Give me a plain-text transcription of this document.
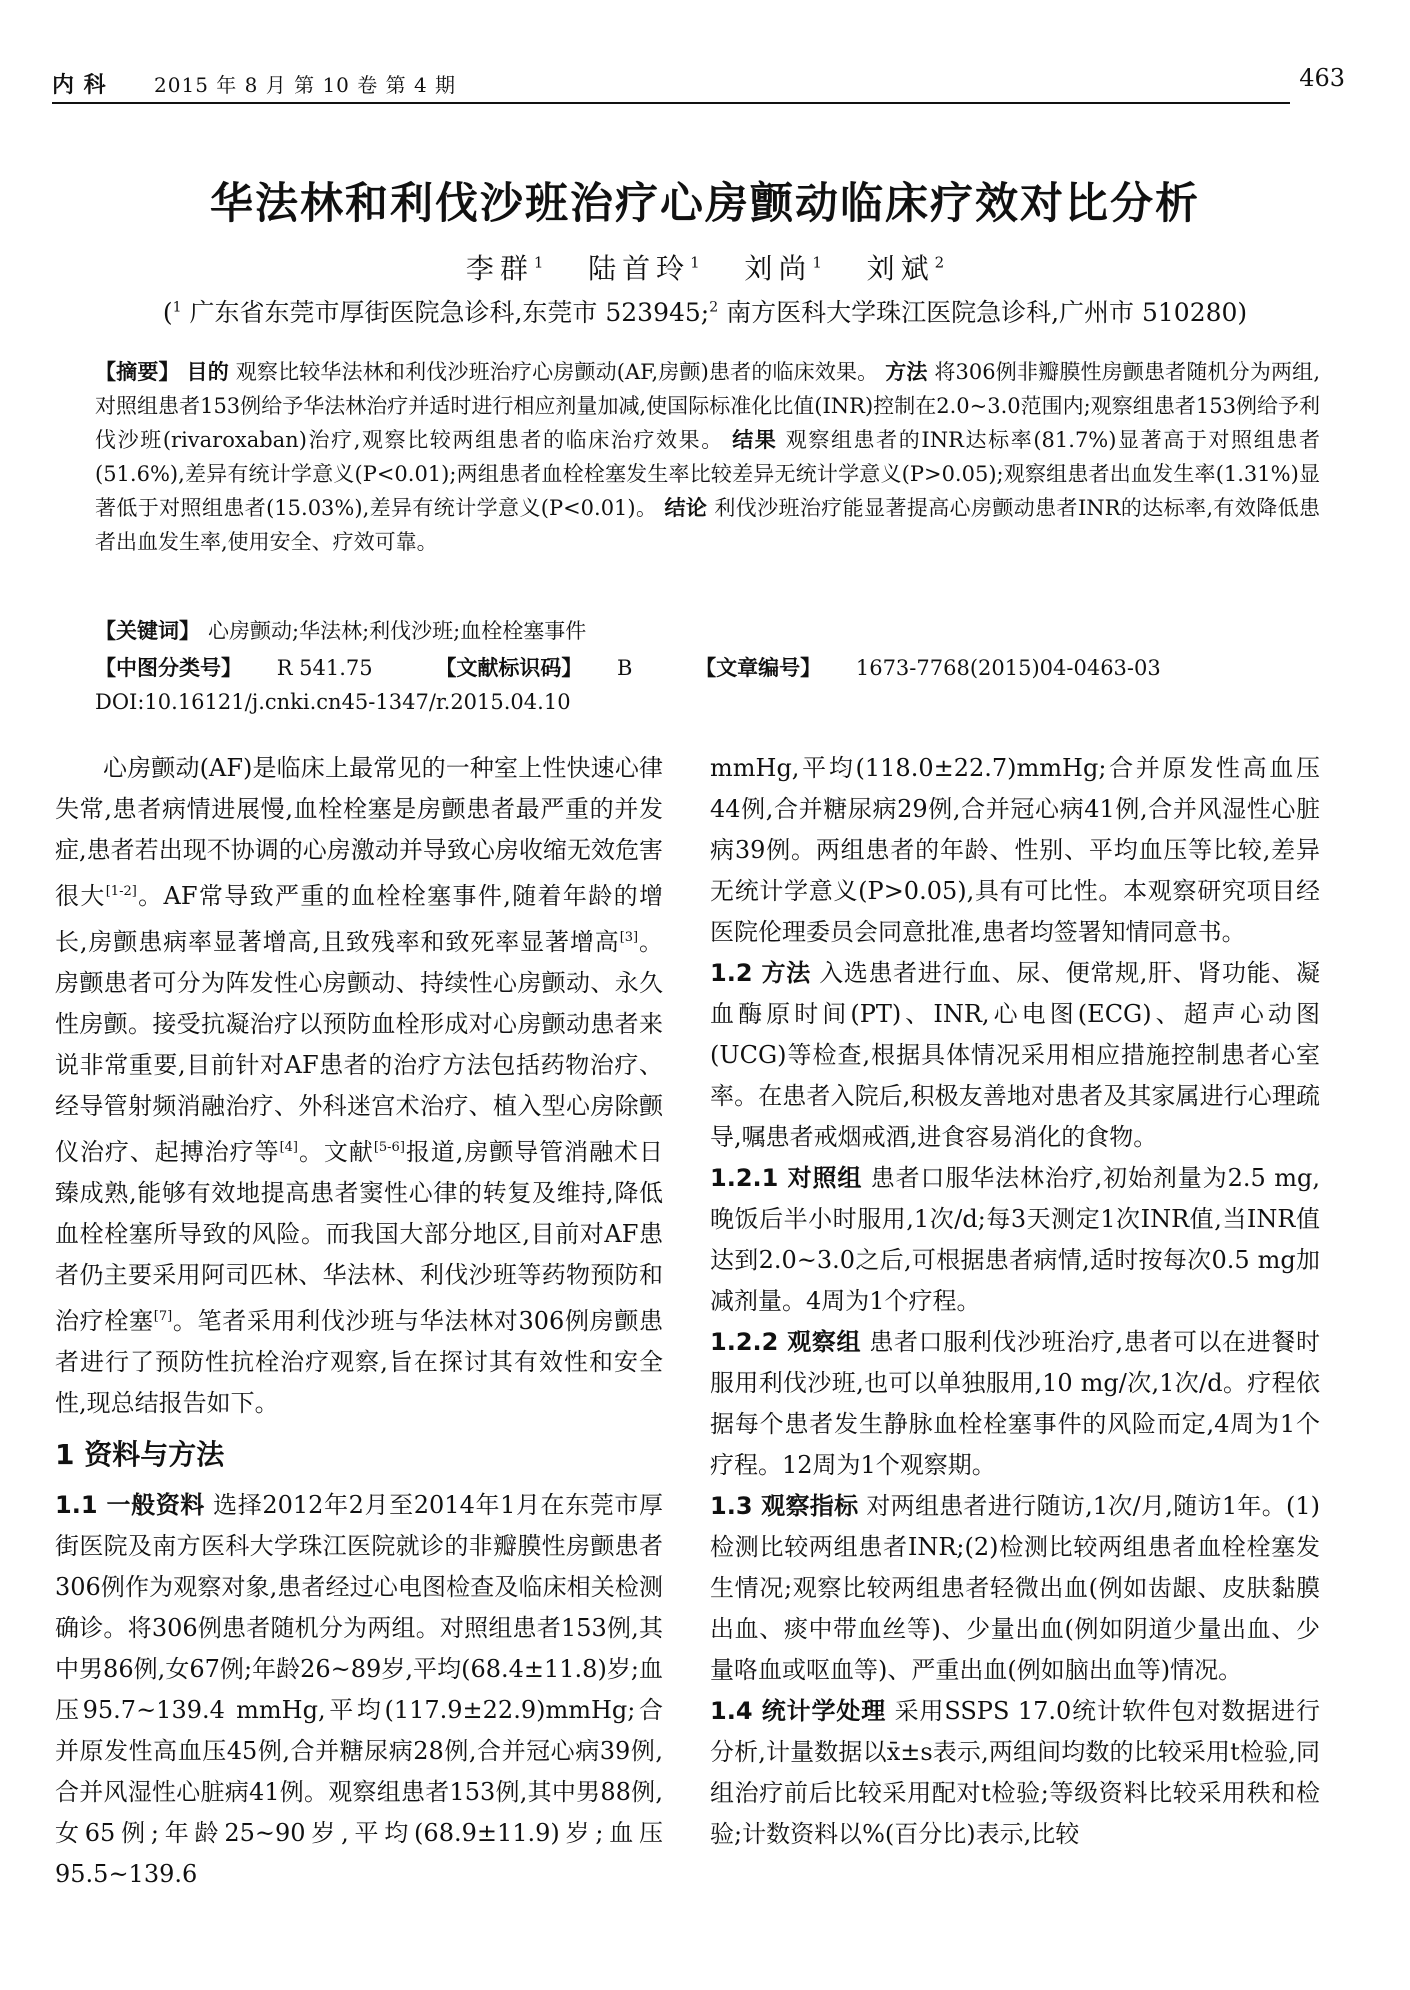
内 科 2015 年 8 月 第 10 卷 第 4 期	463
华法林和利伐沙班治疗心房颤动临床疗效对比分析
李群$^1$ 陆首玲$^1$ 刘尚$^1$ 刘斌$^2$
($^1$ 广东省东莞市厚街医院急诊科,东莞市 523945;$^2$ 南方医科大学珠江医院急诊科,广州市 510280)
【摘要】 目的 观察比较华法林和利伐沙班治疗心房颤动(AF,房颤)患者的临床效果。 方法 将306例非瓣膜性房颤患者随机分为两组,对照组患者153例给予华法林治疗并适时进行相应剂量加减,使国际标准化比值(INR)控制在2.0~3.0范围内;观察组患者153例给予利伐沙班(rivaroxaban)治疗,观察比较两组患者的临床治疗效果。 结果 观察组患者的INR达标率(81.7%)显著高于对照组患者(51.6%),差异有统计学意义(P<0.01);两组患者血栓栓塞发生率比较差异无统计学意义(P>0.05);观察组患者出血发生率(1.31%)显著低于对照组患者(15.03%),差异有统计学意义(P<0.01)。 结论 利伐沙班治疗能显著提高心房颤动患者INR的达标率,有效降低患者出血发生率,使用安全、疗效可靠。
【关键词】 心房颤动;华法林;利伐沙班;血栓栓塞事件
【中图分类号】 R 541.75	【文献标识码】 B	【文章编号】 1673-7768(2015)04-0463-03
DOI:10.16121/j.cnki.cn45-1347/r.2015.04.10

心房颤动(AF)是临床上最常见的一种室上性快速心律失常,患者病情进展慢,血栓栓塞是房颤患者最严重的并发症,患者若出现不协调的心房激动并导致心房收缩无效危害很大[1-2]。AF常导致严重的血栓栓塞事件,随着年龄的增长,房颤患病率显著增高,且致残率和致死率显著增高[3]。房颤患者可分为阵发性心房颤动、持续性心房颤动、永久性房颤。接受抗凝治疗以预防血栓形成对心房颤动患者来说非常重要,目前针对AF患者的治疗方法包括药物治疗、经导管射频消融治疗、外科迷宫术治疗、植入型心房除颤仪治疗、起搏治疗等[4]。文献[5-6]报道,房颤导管消融术日臻成熟,能够有效地提高患者窦性心律的转复及维持,降低血栓栓塞所导致的风险。而我国大部分地区,目前对AF患者仍主要采用阿司匹林、华法林、利伐沙班等药物预防和治疗栓塞[7]。笔者采用利伐沙班与华法林对306例房颤患者进行了预防性抗栓治疗观察,旨在探讨其有效性和安全性,现总结报告如下。

1 资料与方法

1.1 一般资料 选择2012年2月至2014年1月在东莞市厚街医院及南方医科大学珠江医院就诊的非瓣膜性房颤患者306例作为观察对象,患者经过心电图检查及临床相关检测确诊。将306例患者随机分为两组。对照组患者153例,其中男86例,女67例;年龄26~89岁,平均(68.4±11.8)岁;血压95.7~139.4 mmHg,平均(117.9±22.9)mmHg;合并原发性高血压45例,合并糖尿病28例,合并冠心病39例,合并风湿性心脏病41例。观察组患者153例,其中男88例,女65例;年龄25~90岁,平均(68.9±11.9)岁;血压95.5~139.6

mmHg,平均(118.0±22.7)mmHg;合并原发性高血压44例,合并糖尿病29例,合并冠心病41例,合并风湿性心脏病39例。两组患者的年龄、性别、平均血压等比较,差异无统计学意义(P>0.05),具有可比性。本观察研究项目经医院伦理委员会同意批准,患者均签署知情同意书。

1.2 方法 入选患者进行血、尿、便常规,肝、肾功能、凝血酶原时间(PT)、INR,心电图(ECG)、超声心动图(UCG)等检查,根据具体情况采用相应措施控制患者心室率。在患者入院后,积极友善地对患者及其家属进行心理疏导,嘱患者戒烟戒酒,进食容易消化的食物。

1.2.1 对照组 患者口服华法林治疗,初始剂量为2.5 mg,晚饭后半小时服用,1次/d;每3天测定1次INR值,当INR值达到2.0~3.0之后,可根据患者病情,适时按每次0.5 mg加减剂量。4周为1个疗程。

1.2.2 观察组 患者口服利伐沙班治疗,患者可以在进餐时服用利伐沙班,也可以单独服用,10 mg/次,1次/d。疗程依据每个患者发生静脉血栓栓塞事件的风险而定,4周为1个疗程。12周为1个观察期。

1.3 观察指标 对两组患者进行随访,1次/月,随访1年。(1)检测比较两组患者INR;(2)检测比较两组患者血栓栓塞发生情况;观察比较两组患者轻微出血(例如齿龈、皮肤黏膜出血、痰中带血丝等)、少量出血(例如阴道少量出血、少量咯血或呕血等)、严重出血(例如脑出血等)情况。

1.4 统计学处理 采用SSPS 17.0统计软件包对数据进行分析,计量数据以x̄±s表示,两组间均数的比较采用t检验,同组治疗前后比较采用配对t检验;等级资料比较采用秩和检验;计数资料以%(百分比)表示,比较
